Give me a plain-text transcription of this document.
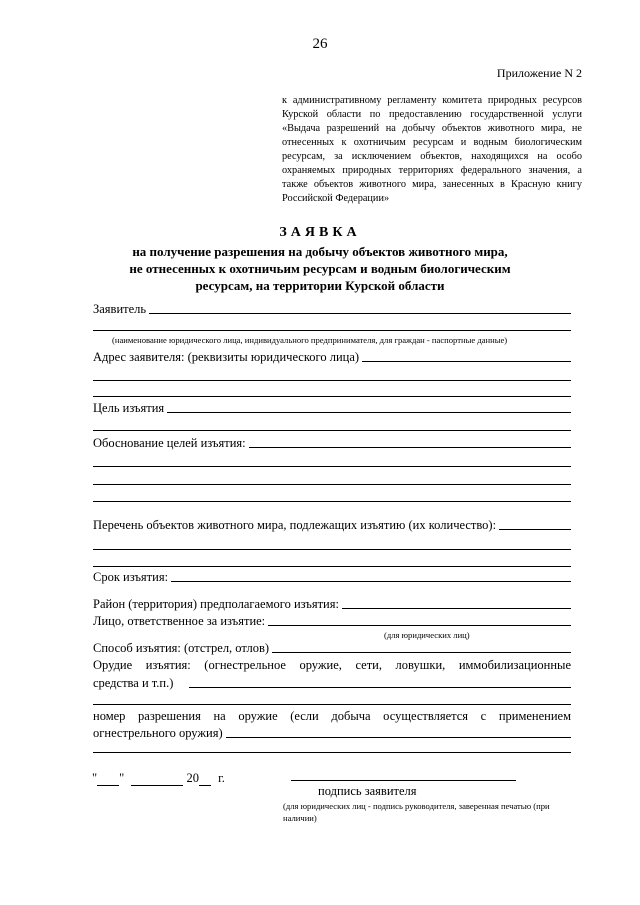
26
Приложение N 2
к административному регламенту комитета природных ресурсов
Курской области по предоставлению государственной услуги
«Выдача разрешений на добычу объектов животного мира, не
отнесенных к охотничьим ресурсам и водным биологическим
ресурсам, за исключением объектов, находящихся на особо
охраняемых природных территориях федерального значения, а
также объектов животного мира, занесенных в Красную книгу
Российской Федерации»
ЗАЯВКА
на получение разрешения на добычу объектов животного мира,
не отнесенных к охотничьим ресурсам и водным биологическим
ресурсам, на территории Курской области
Заявитель
(наименование юридического лица, индивидуального предпринимателя, для граждан - паспортные данные)
Адрес заявителя: (реквизиты юридического лица)
Цель изъятия
Обоснование целей изъятия:
Перечень объектов животного мира, подлежащих изъятию (их количество):
Срок изъятия:
Район (территория) предполагаемого изъятия:
Лицо, ответственное за изъятие:
(для юридических лиц)
Способ изъятия: (отстрел, отлов)
Орудие изъятия: (огнестрельное оружие, сети, ловушки, иммобилизационные
средства и т.п.)
номер разрешения на оружие (если добыча осуществляется с применением
огнестрельного оружия)
" "	20 г.
подпись заявителя
(для юридических лиц - подпись руководителя, заверенная печатью (при наличии)
